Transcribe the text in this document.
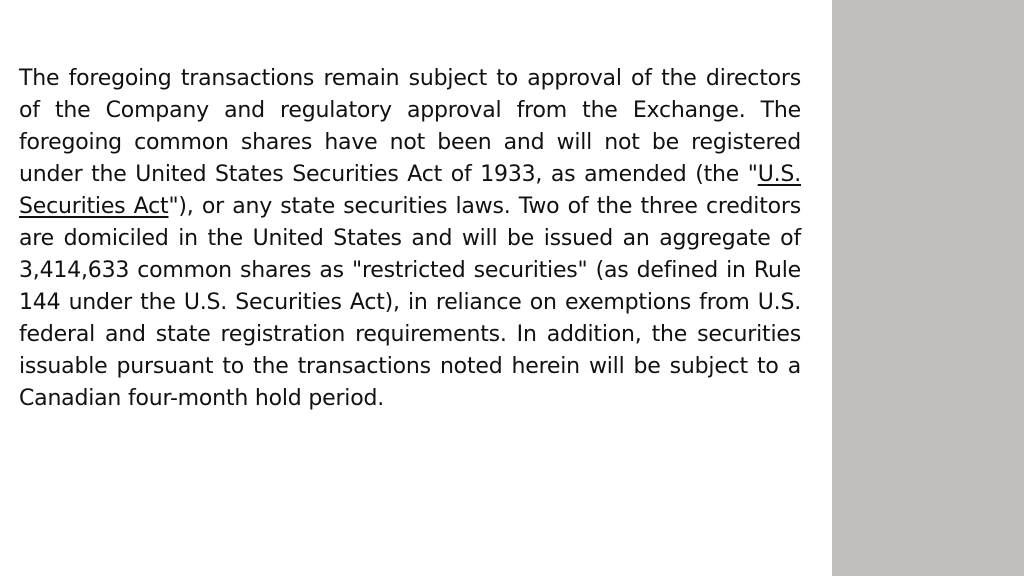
The foregoing transactions remain subject to approval of the directors of the Company and regulatory approval from the Exchange. The foregoing common shares have not been and will not be registered under the United States Securities Act of 1933, as amended (the "U.S. Securities Act"), or any state securities laws. Two of the three creditors are domiciled in the United States and will be issued an aggregate of 3,414,633 common shares as "restricted securities" (as defined in Rule 144 under the U.S. Securities Act), in reliance on exemptions from U.S. federal and state registration requirements. In addition, the securities issuable pursuant to the transactions noted herein will be subject to a Canadian four-month hold period.
